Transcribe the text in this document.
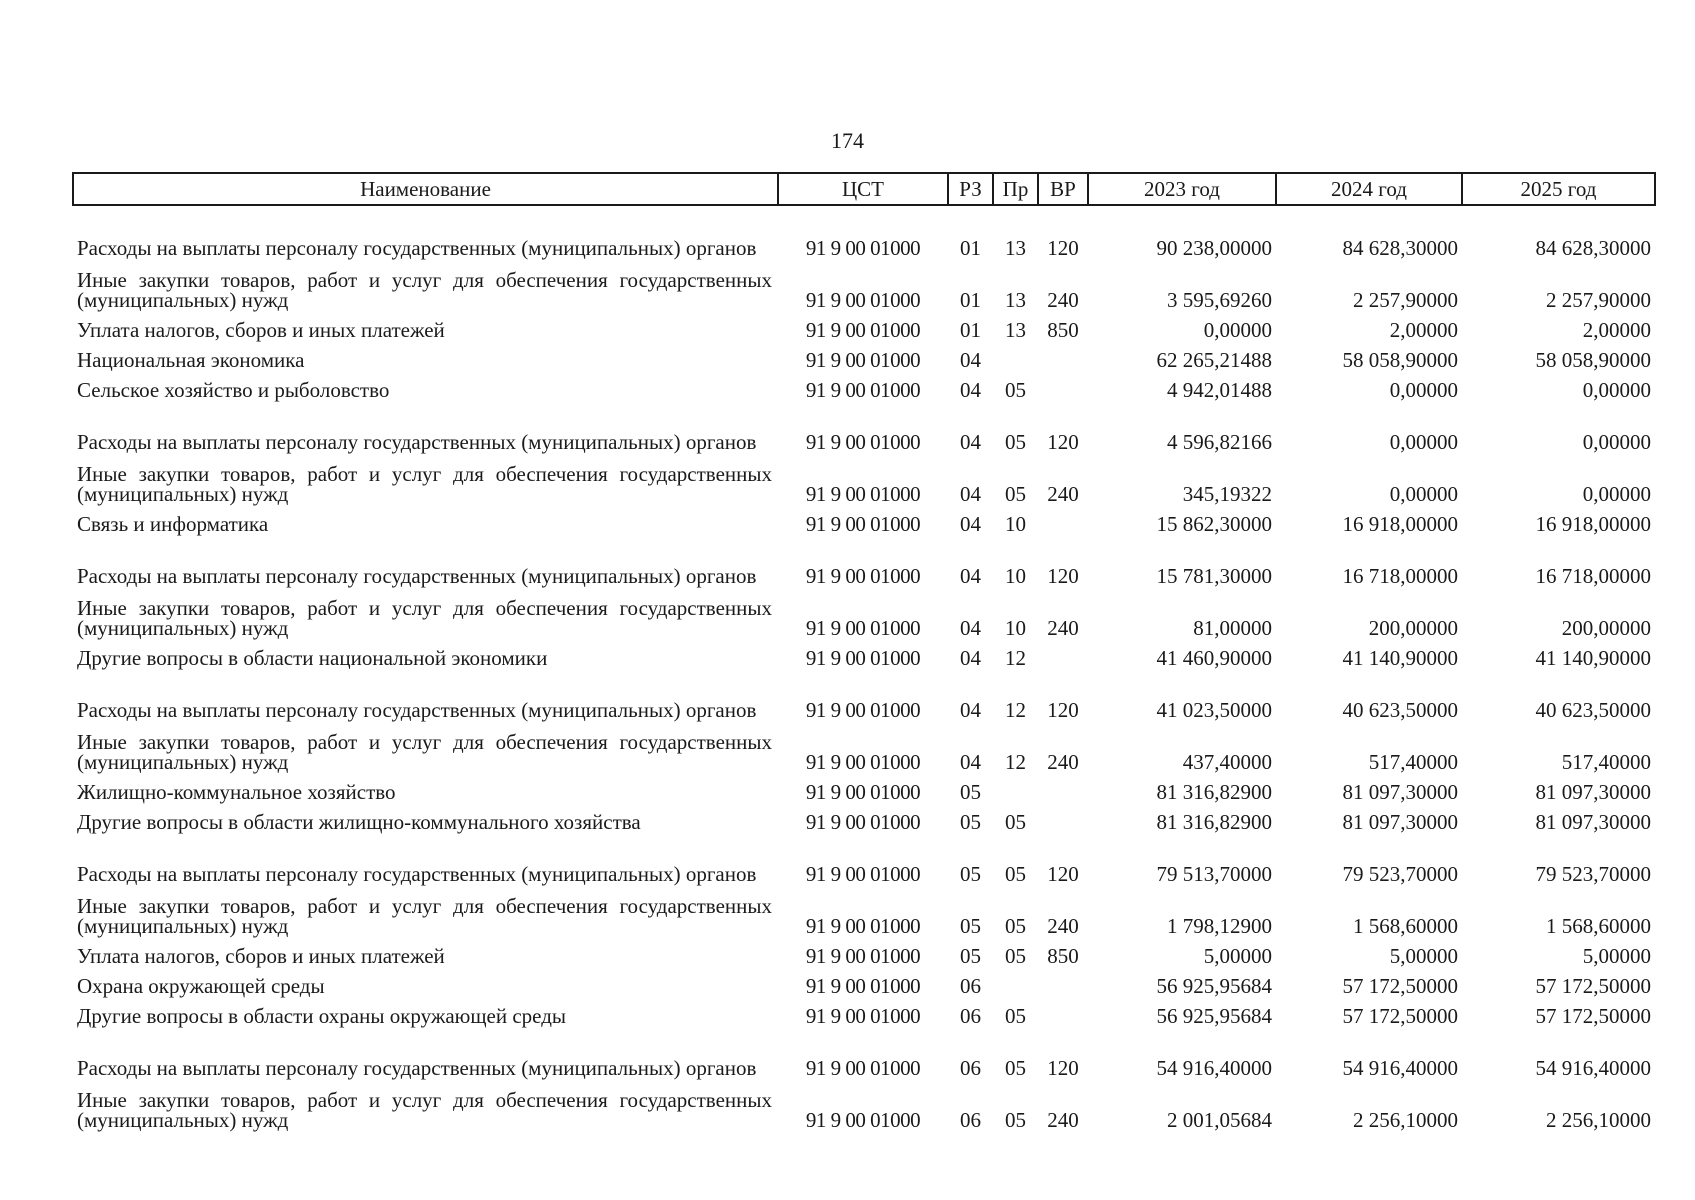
174
Наименование	ЦСТ	РЗ	Пр	ВР	2023 год	2024 год	2025 год
Расходы на выплаты персоналу государственных (муниципальных) органов	91 9 00 01000	01	13	120	90 238,00000	84 628,30000	84 628,30000
Иные закупки товаров, работ и услуг для обеспечения государственных (муниципальных) нужд	91 9 00 01000	01	13	240	3 595,69260	2 257,90000	2 257,90000
Уплата налогов, сборов и иных платежей	91 9 00 01000	01	13	850	0,00000	2,00000	2,00000
Национальная экономика	91 9 00 01000	04			62 265,21488	58 058,90000	58 058,90000
Сельское хозяйство и рыболовство	91 9 00 01000	04	05		4 942,01488	0,00000	0,00000
Расходы на выплаты персоналу государственных (муниципальных) органов	91 9 00 01000	04	05	120	4 596,82166	0,00000	0,00000
Иные закупки товаров, работ и услуг для обеспечения государственных (муниципальных) нужд	91 9 00 01000	04	05	240	345,19322	0,00000	0,00000
Связь и информатика	91 9 00 01000	04	10		15 862,30000	16 918,00000	16 918,00000
Расходы на выплаты персоналу государственных (муниципальных) органов	91 9 00 01000	04	10	120	15 781,30000	16 718,00000	16 718,00000
Иные закупки товаров, работ и услуг для обеспечения государственных (муниципальных) нужд	91 9 00 01000	04	10	240	81,00000	200,00000	200,00000
Другие вопросы в области национальной экономики	91 9 00 01000	04	12		41 460,90000	41 140,90000	41 140,90000
Расходы на выплаты персоналу государственных (муниципальных) органов	91 9 00 01000	04	12	120	41 023,50000	40 623,50000	40 623,50000
Иные закупки товаров, работ и услуг для обеспечения государственных (муниципальных) нужд	91 9 00 01000	04	12	240	437,40000	517,40000	517,40000
Жилищно-коммунальное хозяйство	91 9 00 01000	05			81 316,82900	81 097,30000	81 097,30000
Другие вопросы в области жилищно-коммунального хозяйства	91 9 00 01000	05	05		81 316,82900	81 097,30000	81 097,30000
Расходы на выплаты персоналу государственных (муниципальных) органов	91 9 00 01000	05	05	120	79 513,70000	79 523,70000	79 523,70000
Иные закупки товаров, работ и услуг для обеспечения государственных (муниципальных) нужд	91 9 00 01000	05	05	240	1 798,12900	1 568,60000	1 568,60000
Уплата налогов, сборов и иных платежей	91 9 00 01000	05	05	850	5,00000	5,00000	5,00000
Охрана окружающей среды	91 9 00 01000	06			56 925,95684	57 172,50000	57 172,50000
Другие вопросы в области охраны окружающей среды	91 9 00 01000	06	05		56 925,95684	57 172,50000	57 172,50000
Расходы на выплаты персоналу государственных (муниципальных) органов	91 9 00 01000	06	05	120	54 916,40000	54 916,40000	54 916,40000
Иные закупки товаров, работ и услуг для обеспечения государственных (муниципальных) нужд	91 9 00 01000	06	05	240	2 001,05684	2 256,10000	2 256,10000
